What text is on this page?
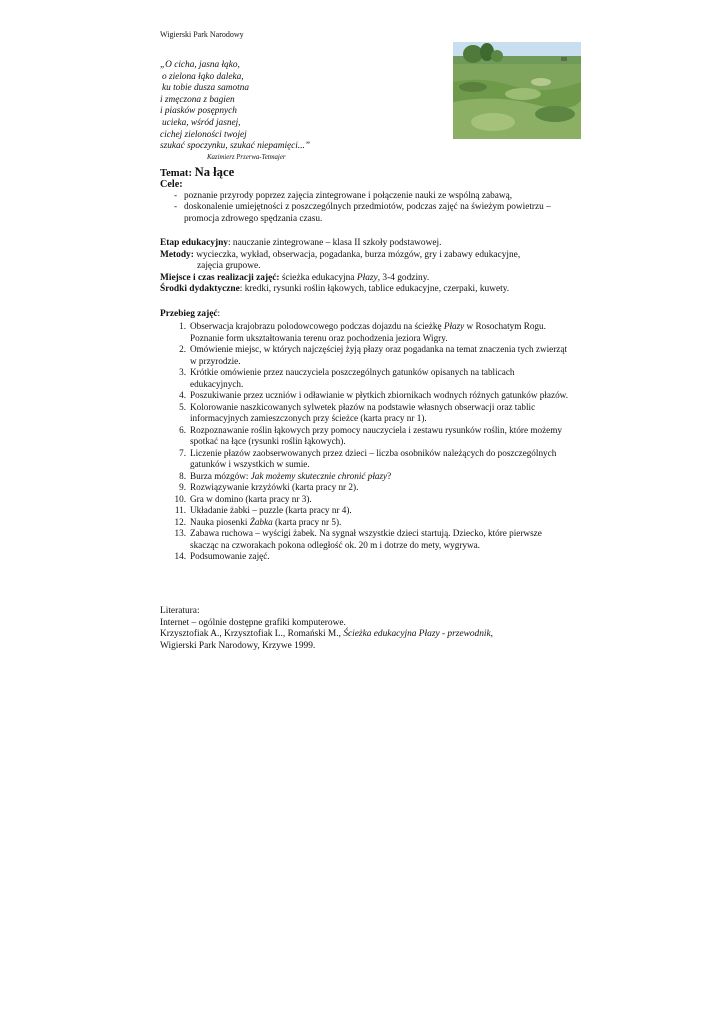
Wigierski Park Narodowy
„O cicha, jasna łąko,
o zielona łąko daleka,
ku tobie dusza samotna
i zmęczona z bagien
i piasków posępnych
ucieka, wśród jasnej,
cichej zieloności twojej
szukać spoczynku, szukać niepamięci...”
Kazimierz Przerwa-Tetmajer
Temat: Na łące
Cele:
- poznanie przyrody poprzez zajęcia zintegrowane i połączenie nauki ze wspólną zabawą,
- doskonalenie umiejętności z poszczególnych przedmiotów, podczas zajęć na świeżym powietrzu – promocja zdrowego spędzania czasu.
Etap edukacyjny: nauczanie zintegrowane – klasa II szkoły podstawowej.
Metody: wycieczka, wykład, obserwacja, pogadanka, burza mózgów, gry i zabawy edukacyjne,
zajęcia grupowe.
Miejsce i czas realizacji zajęć: ścieżka edukacyjna Płazy, 3-4 godziny.
Środki dydaktyczne: kredki, rysunki roślin łąkowych, tablice edukacyjne, czerpaki, kuwety.
Przebieg zajęć:
1. Obserwacja krajobrazu polodowcowego podczas dojazdu na ścieżkę Płazy w Rosochatym Rogu. Poznanie form ukształtowania terenu oraz pochodzenia jeziora Wigry.
2. Omówienie miejsc, w których najczęściej żyją płazy oraz pogadanka na temat znaczenia tych zwierząt w przyrodzie.
3. Krótkie omówienie przez nauczyciela poszczególnych gatunków opisanych na tablicach edukacyjnych.
4. Poszukiwanie przez uczniów i odławianie w płytkich zbiornikach wodnych różnych gatunków płazów.
5. Kolorowanie naszkicowanych sylwetek płazów na podstawie własnych obserwacji oraz tablic informacyjnych zamieszczonych przy ścieżce (karta pracy nr 1).
6. Rozpoznawanie roślin łąkowych przy pomocy nauczyciela i zestawu rysunków roślin, które możemy spotkać na łące (rysunki roślin łąkowych).
7. Liczenie płazów zaobserwowanych przez dzieci – liczba osobników należących do poszczególnych gatunków i wszystkich w sumie.
8. Burza mózgów: Jak możemy skutecznie chronić płazy?
9. Rozwiązywanie krzyżówki (karta pracy nr 2).
10. Gra w domino (karta pracy nr 3).
11. Układanie żabki – puzzle (karta pracy nr 4).
12. Nauka piosenki Żabka (karta pracy nr 5).
13. Zabawa ruchowa – wyścigi żabek. Na sygnał wszystkie dzieci startują. Dziecko, które pierwsze skacząc na czworakach pokona odległość ok. 20 m i dotrze do mety, wygrywa.
14. Podsumowanie zajęć.
Literatura:
Internet – ogólnie dostępne grafiki komputerowe.
Krzysztofiak A., Krzysztofiak L., Romański M., Ścieżka edukacyjna Płazy - przewodnik,
Wigierski Park Narodowy, Krzywe 1999.
